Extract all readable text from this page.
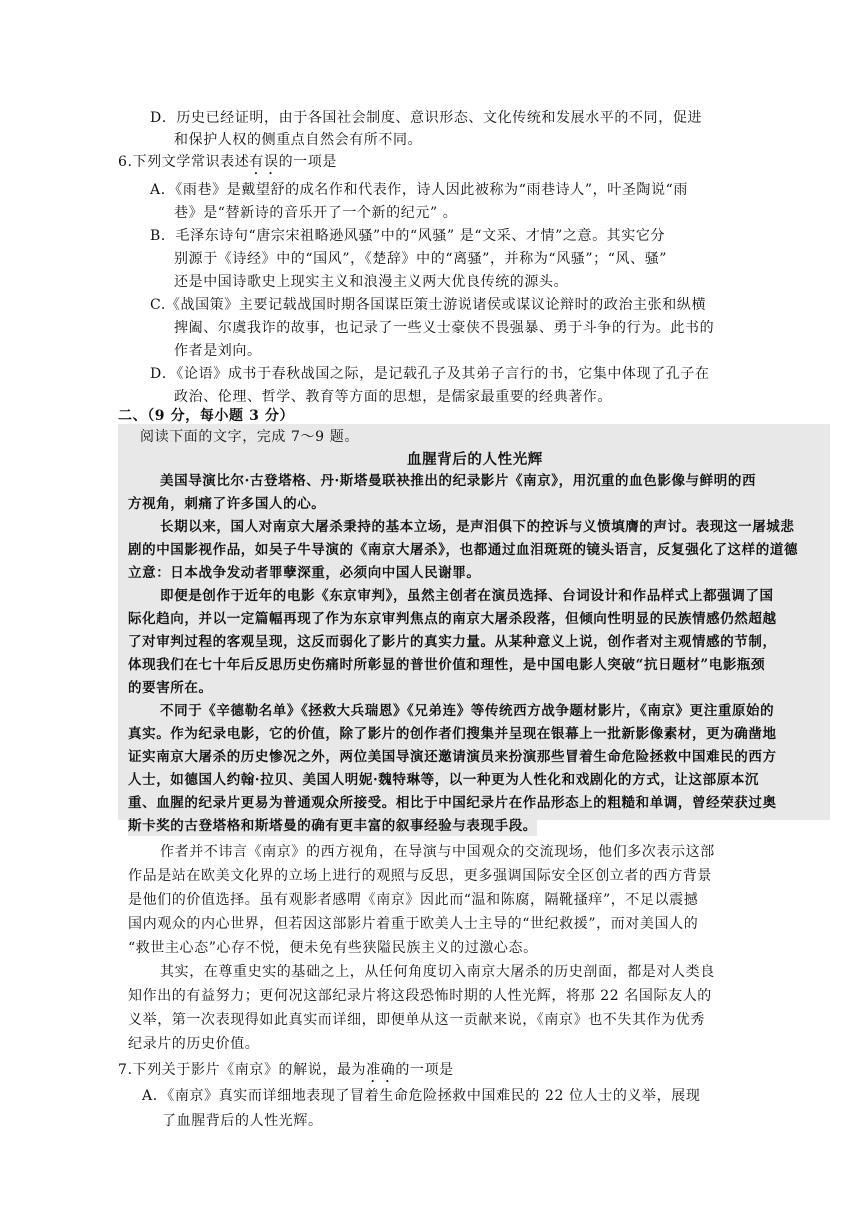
D．历史已经证明，由于各国社会制度、意识形态、文化传统和发展水平的不同，促进
和保护人权的侧重点自然会有所不同。
6.下列文学常识表述有误的一项是
A．《雨巷》是戴望舒的成名作和代表作，诗人因此被称为“雨巷诗人”，叶圣陶说“雨
巷》是“替新诗的音乐开了一个新的纪元” 。
B．毛泽东诗句“唐宗宋祖略逊风骚”中的“风骚” 是“文采、才情”之意。其实它分
别源于《诗经》中的“国风”，《楚辞》中的“离骚”，并称为“风骚”；“风、骚”
还是中国诗歌史上现实主义和浪漫主义两大优良传统的源头。
C.《战国策》主要记载战国时期各国谋臣策士游说诸侯或谋议论辩时的政治主张和纵横
捭阖、尔虞我诈的故事，也记录了一些义士豪侠不畏强暴、勇于斗争的行为。此书的
作者是刘向。
D．《论语》成书于春秋战国之际，是记载孔子及其弟子言行的书，它集中体现了孔子在
政治、伦理、哲学、教育等方面的思想，是儒家最重要的经典著作。
二、（9 分，每小题 3 分）
阅读下面的文字，完成 7～9 题。
血腥背后的人性光辉
美国导演比尔·古登塔格、丹·斯塔曼联袂推出的纪录影片《南京》，用沉重的血色影像与鲜明的西
方视角，刺痛了许多国人的心。
长期以来，国人对南京大屠杀秉持的基本立场，是声泪俱下的控诉与义愤填膺的声讨。表现这一屠城悲
剧的中国影视作品，如吴子牛导演的《南京大屠杀》，也都通过血泪斑斑的镜头语言，反复强化了这样的道德
立意：日本战争发动者罪孽深重，必须向中国人民谢罪。
即便是创作于近年的电影《东京审判》，虽然主创者在演员选择、台词设计和作品样式上都强调了国
际化趋向，并以一定篇幅再现了作为东京审判焦点的南京大屠杀段落，但倾向性明显的民族情感仍然超越
了对审判过程的客观呈现，这反而弱化了影片的真实力量。从某种意义上说，创作者对主观情感的节制，
体现我们在七十年后反思历史伤痛时所彰显的普世价值和理性，是中国电影人突破“抗日题材”电影瓶颈
的要害所在。
不同于《辛德勒名单》《拯救大兵瑞恩》《兄弟连》等传统西方战争题材影片，《南京》更注重原始的
真实。作为纪录电影，它的价值，除了影片的创作者们搜集并呈现在银幕上一批新影像素材，更为确凿地
证实南京大屠杀的历史惨况之外，两位美国导演还邀请演员来扮演那些冒着生命危险拯救中国难民的西方
人士，如德国人约翰·拉贝、美国人明妮·魏特琳等，以一种更为人性化和戏剧化的方式，让这部原本沉
重、血腥的纪录片更易为普通观众所接受。相比于中国纪录片在作品形态上的粗糙和单调，曾经荣获过奥
斯卡奖的古登塔格和斯塔曼的确有更丰富的叙事经验与表现手段。
作者并不讳言《南京》的西方视角，在导演与中国观众的交流现场，他们多次表示这部
作品是站在欧美文化界的立场上进行的观照与反思，更多强调国际安全区创立者的西方背景
是他们的价值选择。虽有观影者感喟《南京》因此而“温和陈腐，隔靴搔痒”，不足以震撼
国内观众的内心世界，但若因这部影片着重于欧美人士主导的“世纪救援”，而对美国人的
“救世主心态”心存不悦，便未免有些狭隘民族主义的过激心态。
其实，在尊重史实的基础之上，从任何角度切入南京大屠杀的历史剖面，都是对人类良
知作出的有益努力；更何况这部纪录片将这段恐怖时期的人性光辉，将那 22 名国际友人的
义举，第一次表现得如此真实而详细，即便单从这一贡献来说，《南京》也不失其作为优秀
纪录片的历史价值。
7.下列关于影片《南京》的解说，最为准确的一项是
A．《南京》真实而详细地表现了冒着生命危险拯救中国难民的 22 位人士的义举，展现
了血腥背后的人性光辉。
